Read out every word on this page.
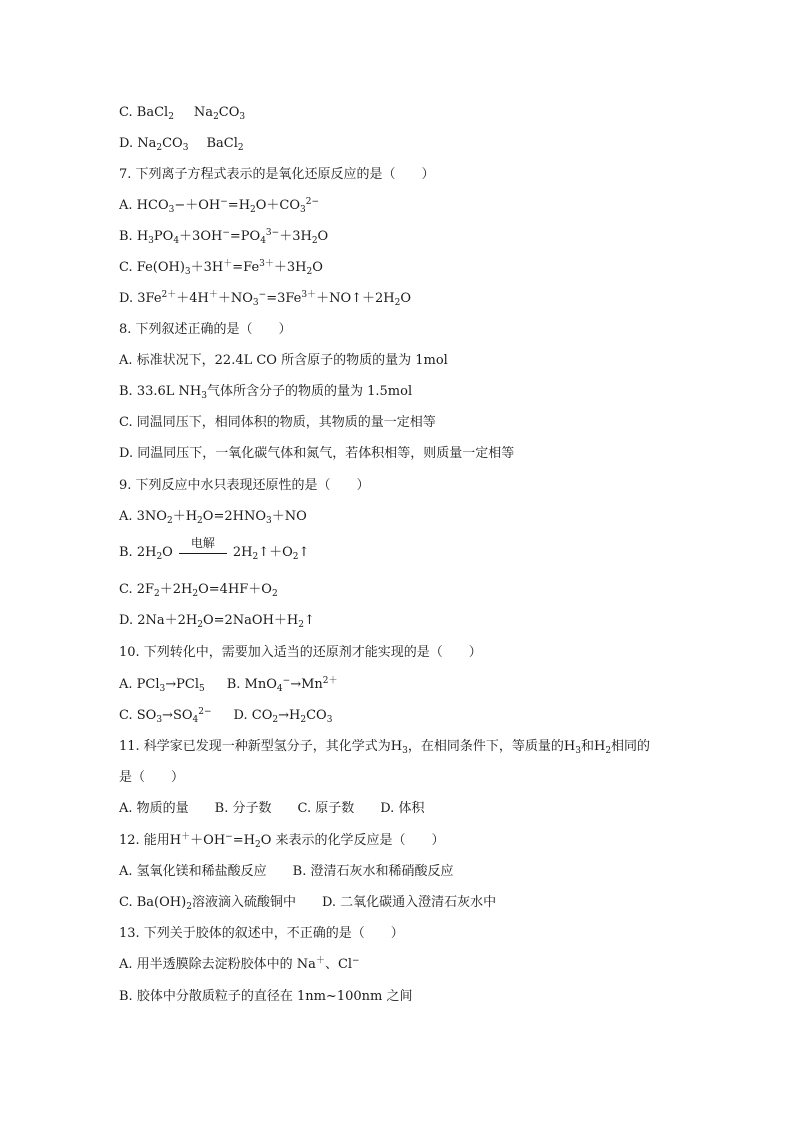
C. BaCl$_2$ $Na_2CO_3$
D. $Na_2CO_3$ BaCl$_2$
7. 下列离子方程式表示的是氧化还原反应的是（　　）
A. $HCO_3-+OH^-=H_2O+CO_3^{2-}$
B. $H_3PO_4+3OH^-=PO_4^{3-}+3H_2O$
C. $Fe(OH)_3+3H^+=Fe^{3+}+3H_2O$
D. $3Fe^{2+}+4H^++NO_3^-=3Fe^{3+}+NO↑+2H_2O$
8. 下列叙述正确的是（　　）
A. 标准状况下，22.4L CO 所含原子的物质的量为 1mol
B. 33.6L $NH_3$气体所含分子的物质的量为 1.5mol
C. 同温同压下，相同体积的物质，其物质的量一定相等
D. 同温同压下，一氧化碳气体和氮气，若体积相等，则质量一定相等
9. 下列反应中水只表现还原性的是（　　）
A. $3NO_2+H_2O=2HNO_3+NO$
B. $2H_2O$
电解
$2H_2↑+O_2↑$
C. $2F_2+2H_2O=4HF+O_2$
D. $2Na+2H_2O=2NaOH+H_2↑$
10. 下列转化中，需要加入适当的还原剂才能实现的是（　　）
A. PCl$_3$→PCl$_5$ B. $MnO_4^-\to Mn^{2+}$
C. $SO_3\to SO_4^{2-}$ D. $CO_2\to H_2CO_3$
11. 科学家已发现一种新型氢分子，其化学式为$H_3$，在相同条件下，等质量的$H_3$和$H_2$相同的
是（　　）
A. 物质的量　　B. 分子数　　C. 原子数　　D. 体积
12. 能用$H^++OH^-=H_2O$ 来表示的化学反应是（　　）
A. 氢氧化镁和稀盐酸反应　　B. 澄清石灰水和稀硝酸反应
C. $Ba(OH)_2$溶液滴入硫酸铜中　　D. 二氧化碳通入澄清石灰水中
13. 下列关于胶体的叙述中，不正确的是（　　）
A. 用半透膜除去淀粉胶体中的 Na＋、Cl−
B. 胶体中分散质粒子的直径在 1nm~100nm 之间
